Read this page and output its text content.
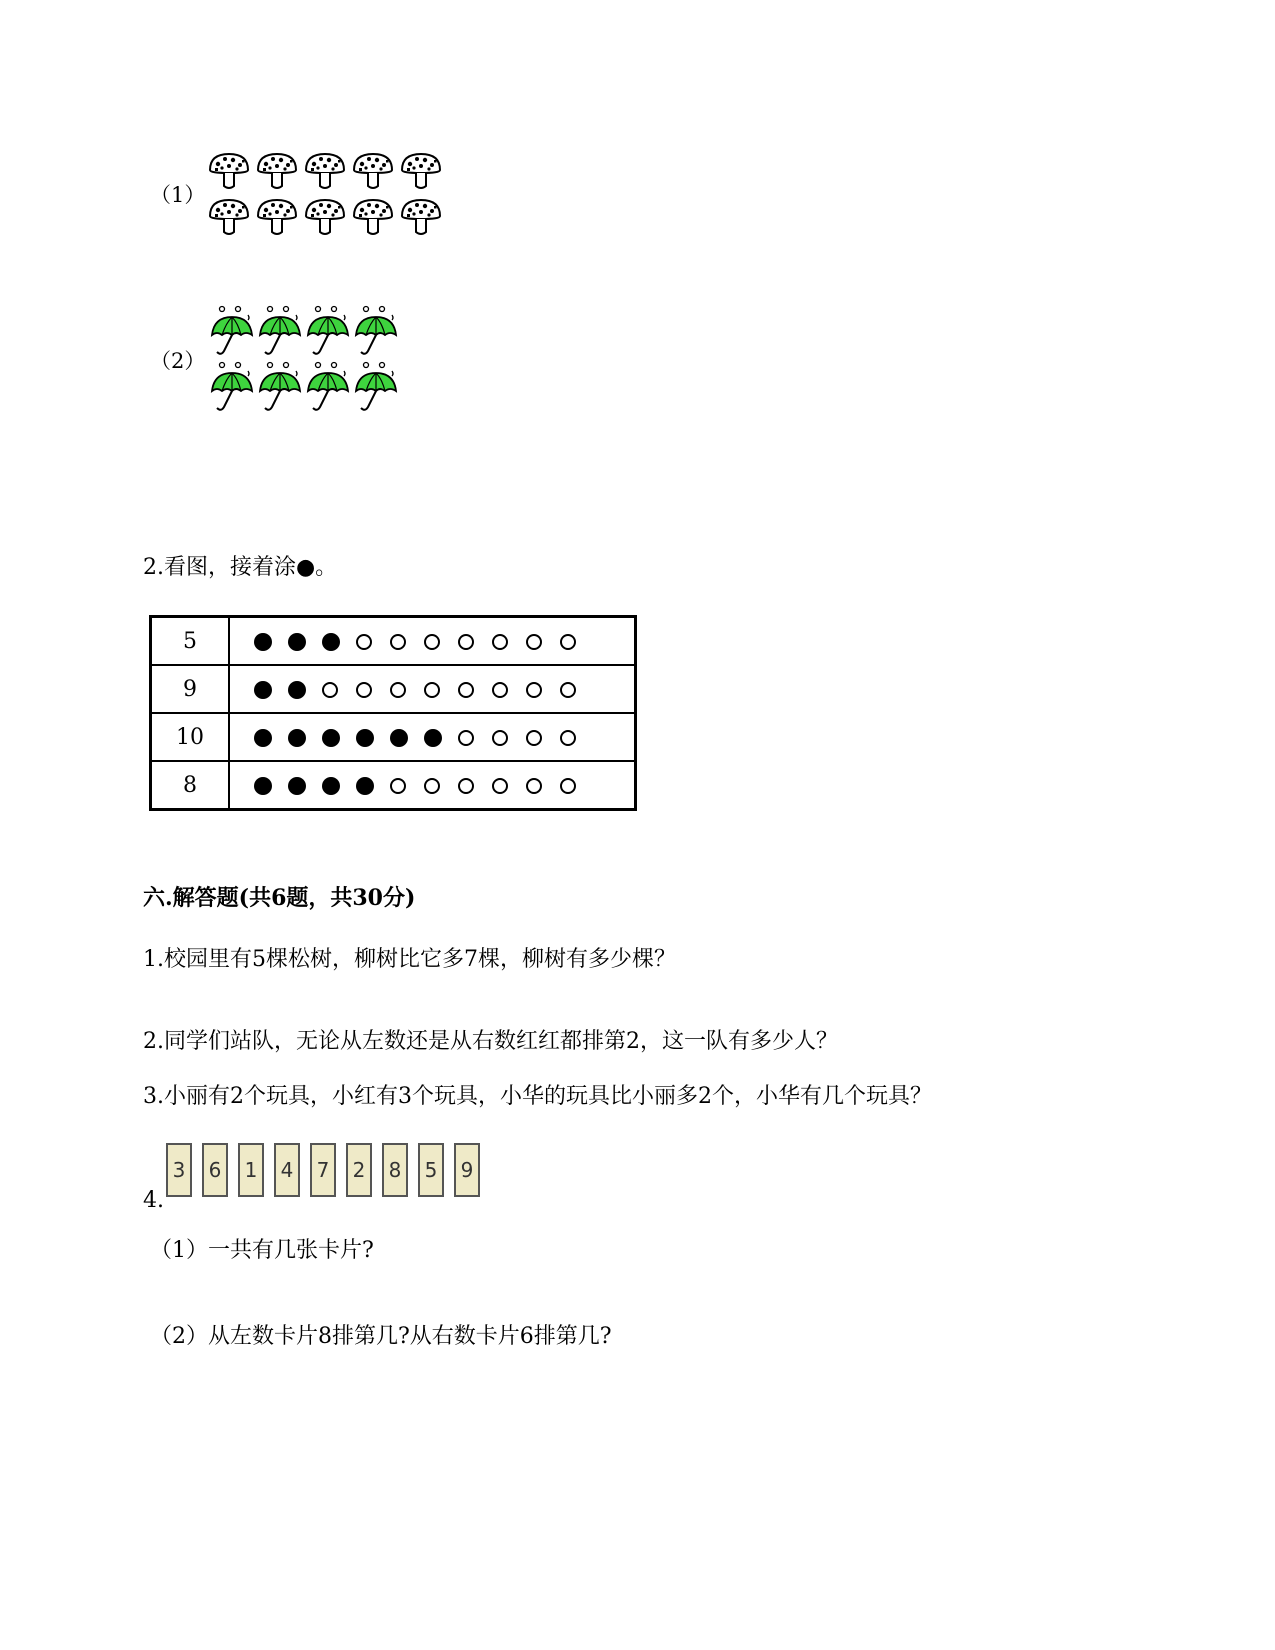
（1）
（2）
2.看图，接着涂●。
5	
9	
10	
8	
六.解答题(共6题，共30分)
1.校园里有5棵松树，柳树比它多7棵，柳树有多少棵？
2.同学们站队，无论从左数还是从右数红红都排第2，这一队有多少人？
3.小丽有2个玩具，小红有3个玩具，小华的玩具比小丽多2个，小华有几个玩具？
4.
3	6	1	4	7	2	8	5	9
（1）一共有几张卡片?
（2）从左数卡片8排第几?从右数卡片6排第几?
